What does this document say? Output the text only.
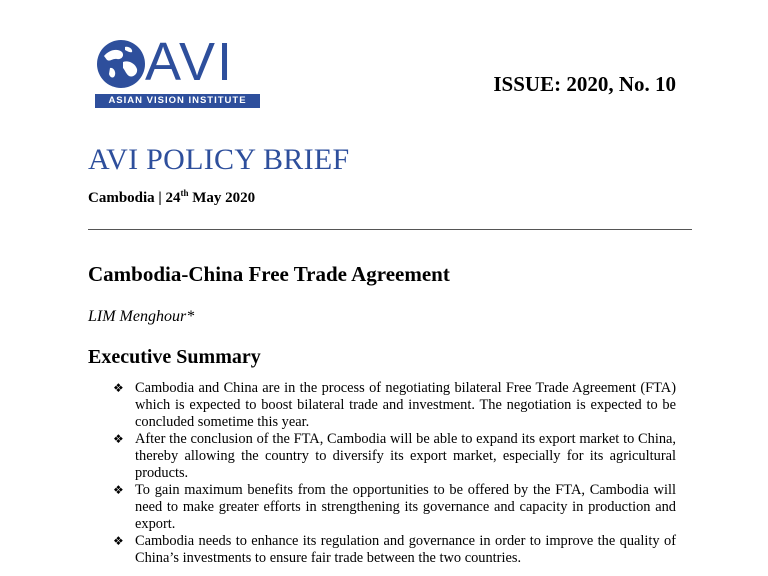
AVI
ASIAN VISION INSTITUTE
ISSUE: 2020, No. 10
AVI POLICY BRIEF
Cambodia | 24th May 2020
Cambodia-China Free Trade Agreement
LIM Menghour*
Executive Summary
❖ Cambodia and China are in the process of negotiating bilateral Free Trade Agreement (FTA) which is expected to boost bilateral trade and investment. The negotiation is expected to be concluded sometime this year.
❖ After the conclusion of the FTA, Cambodia will be able to expand its export market to China, thereby allowing the country to diversify its export market, especially for its agricultural products.
❖ To gain maximum benefits from the opportunities to be offered by the FTA, Cambodia will need to make greater efforts in strengthening its governance and capacity in production and export.
❖ Cambodia needs to enhance its regulation and governance in order to improve the quality of China’s investments to ensure fair trade between the two countries.
